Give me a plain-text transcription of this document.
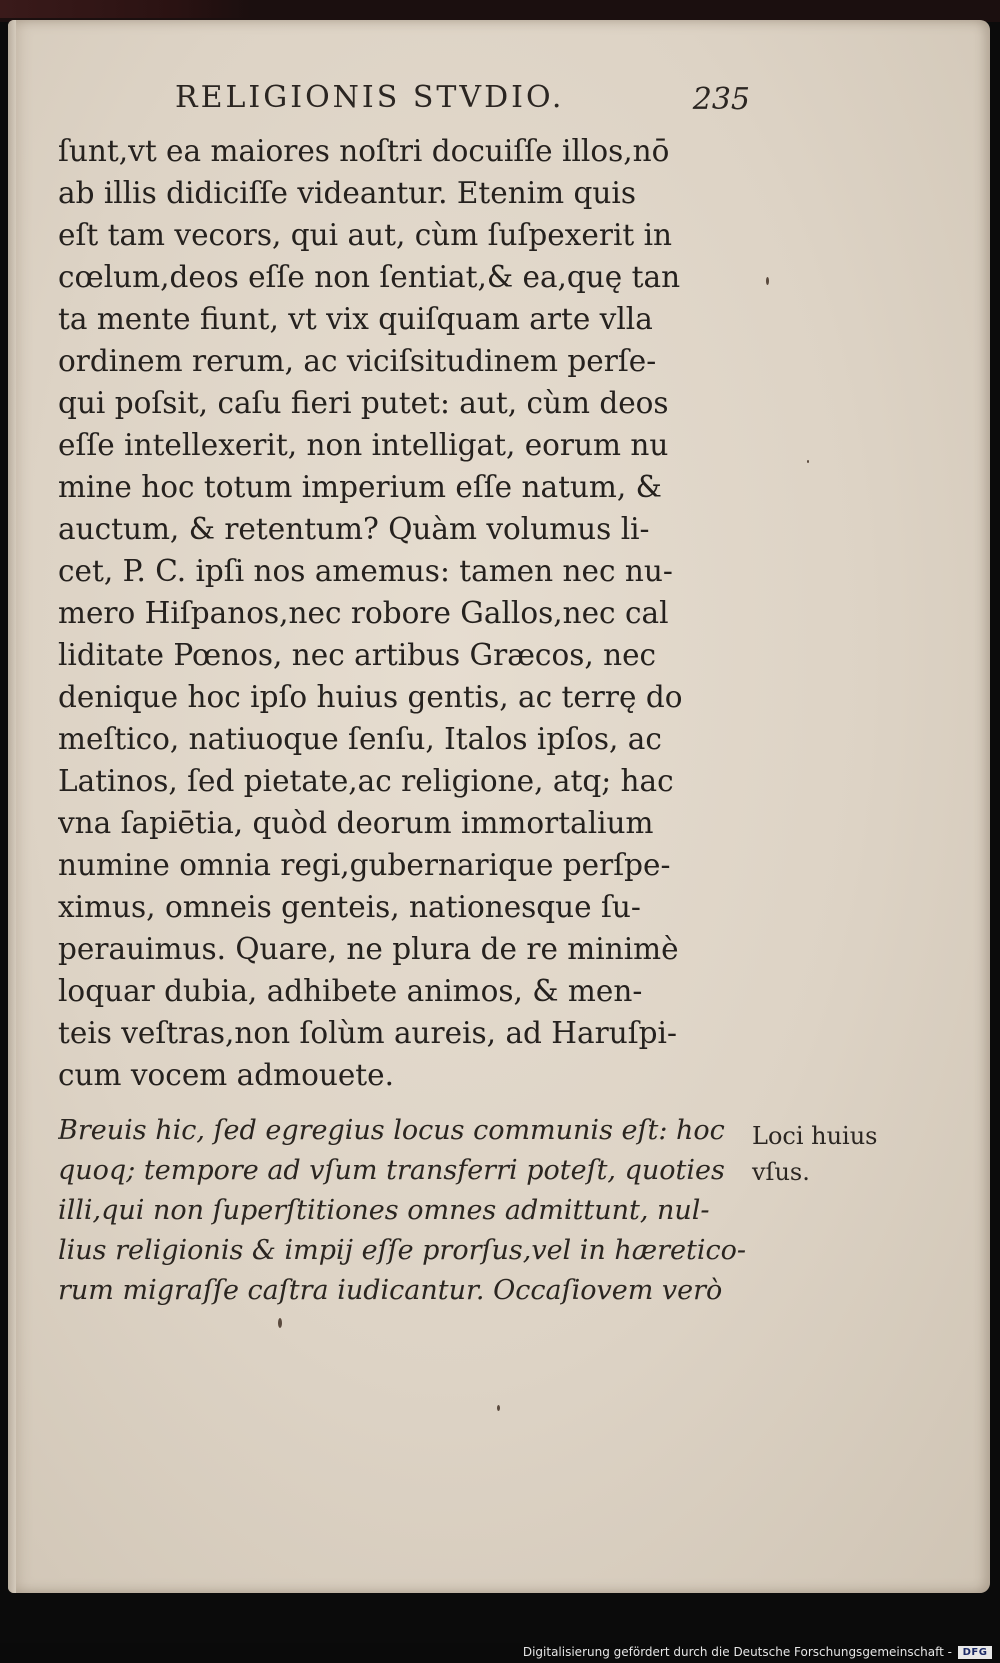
RELIGIONIS STVDIO.	235
ſunt,vt ea maiores noſtri docuiſſe illos,nō
ab illis didiciſſe videantur. Etenim quis
eſt tam vecors, qui aut, cùm ſuſpexerit in
cœlum,deos eſſe non ſentiat,& ea,quę tan
ta mente fiunt, vt vix quiſquam arte vlla
ordinem rerum, ac viciſsitudinem perſe-
qui poſsit, caſu fieri putet: aut, cùm deos
eſſe intellexerit, non intelligat, eorum nu
mine hoc totum imperium eſſe natum, &
auctum, & retentum? Quàm volumus li-
cet, P. C. ipſi nos amemus: tamen nec nu-
mero Hiſpanos,nec robore Gallos,nec cal
liditate Pœnos, nec artibus Græcos, nec
denique hoc ipſo huius gentis, ac terrę do
meſtico, natiuoque ſenſu, Italos ipſos, ac
Latinos, ſed pietate,ac religione, atq; hac
vna ſapiētia, quòd deorum immortalium
numine omnia regi,gubernarique perſpe-
ximus, omneis genteis, nationesque ſu-
perauimus. Quare, ne plura de re minimè
loquar dubia, adhibete animos, & men-
teis veſtras,non ſolùm aureis, ad Haruſpi-
cum vocem admouete.
Breuis hic, ſed egregius locus communis eſt: hoc
quoq; tempore ad vſum transferri poteſt, quoties
illi,qui non ſuperſtitiones omnes admittunt, nul-
lius religionis & impij eſſe prorſus,vel in hæretico-
rum migraſſe caſtra iudicantur. Occaſiovem verò
Loci huius
vſus.
Digitalisierung gefördert durch die Deutsche Forschungsgemeinschaft -	DFG
